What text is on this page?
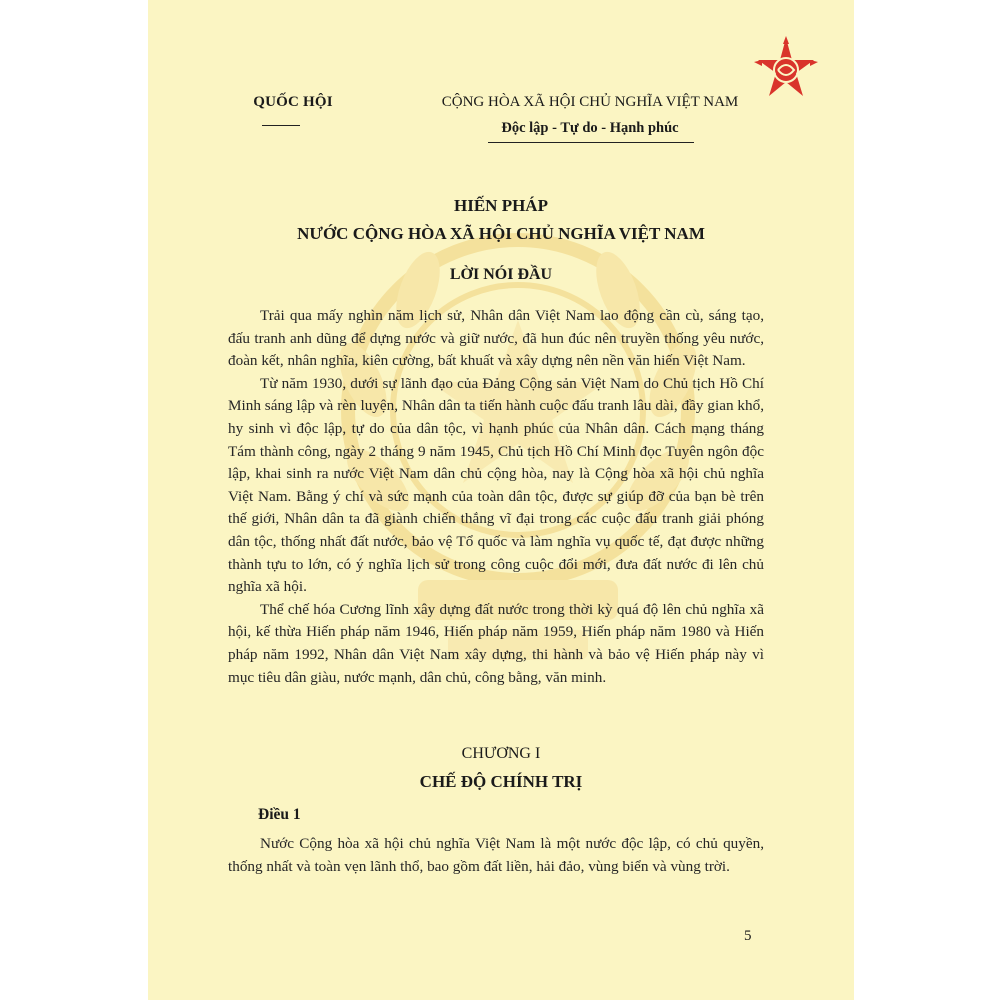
QUỐC HỘI	CỘNG HÒA XÃ HỘI CHỦ NGHĨA VIỆT NAM
Độc lập - Tự do - Hạnh phúc
HIẾN PHÁP
NƯỚC CỘNG HÒA XÃ HỘI CHỦ NGHĨA VIỆT NAM
LỜI NÓI ĐẦU

Trải qua mấy nghìn năm lịch sử, Nhân dân Việt Nam lao động cần cù, sáng tạo, đấu tranh anh dũng để dựng nước và giữ nước, đã hun đúc nên truyền thống yêu nước, đoàn kết, nhân nghĩa, kiên cường, bất khuất và xây dựng nên nền văn hiến Việt Nam.

Từ năm 1930, dưới sự lãnh đạo của Đảng Cộng sản Việt Nam do Chủ tịch Hồ Chí Minh sáng lập và rèn luyện, Nhân dân ta tiến hành cuộc đấu tranh lâu dài, đầy gian khổ, hy sinh vì độc lập, tự do của dân tộc, vì hạnh phúc của Nhân dân. Cách mạng tháng Tám thành công, ngày 2 tháng 9 năm 1945, Chủ tịch Hồ Chí Minh đọc Tuyên ngôn độc lập, khai sinh ra nước Việt Nam dân chủ cộng hòa, nay là Cộng hòa xã hội chủ nghĩa Việt Nam. Bằng ý chí và sức mạnh của toàn dân tộc, được sự giúp đỡ của bạn bè trên thế giới, Nhân dân ta đã giành chiến thắng vĩ đại trong các cuộc đấu tranh giải phóng dân tộc, thống nhất đất nước, bảo vệ Tổ quốc và làm nghĩa vụ quốc tế, đạt được những thành tựu to lớn, có ý nghĩa lịch sử trong công cuộc đổi mới, đưa đất nước đi lên chủ nghĩa xã hội.

Thể chế hóa Cương lĩnh xây dựng đất nước trong thời kỳ quá độ lên chủ nghĩa xã hội, kế thừa Hiến pháp năm 1946, Hiến pháp năm 1959, Hiến pháp năm 1980 và Hiến pháp năm 1992, Nhân dân Việt Nam xây dựng, thi hành và bảo vệ Hiến pháp này vì mục tiêu dân giàu, nước mạnh, dân chủ, công bằng, văn minh.

CHƯƠNG I
CHẾ ĐỘ CHÍNH TRỊ
Điều 1

Nước Cộng hòa xã hội chủ nghĩa Việt Nam là một nước độc lập, có chủ quyền, thống nhất và toàn vẹn lãnh thổ, bao gồm đất liền, hải đảo, vùng biển và vùng trời.

5
